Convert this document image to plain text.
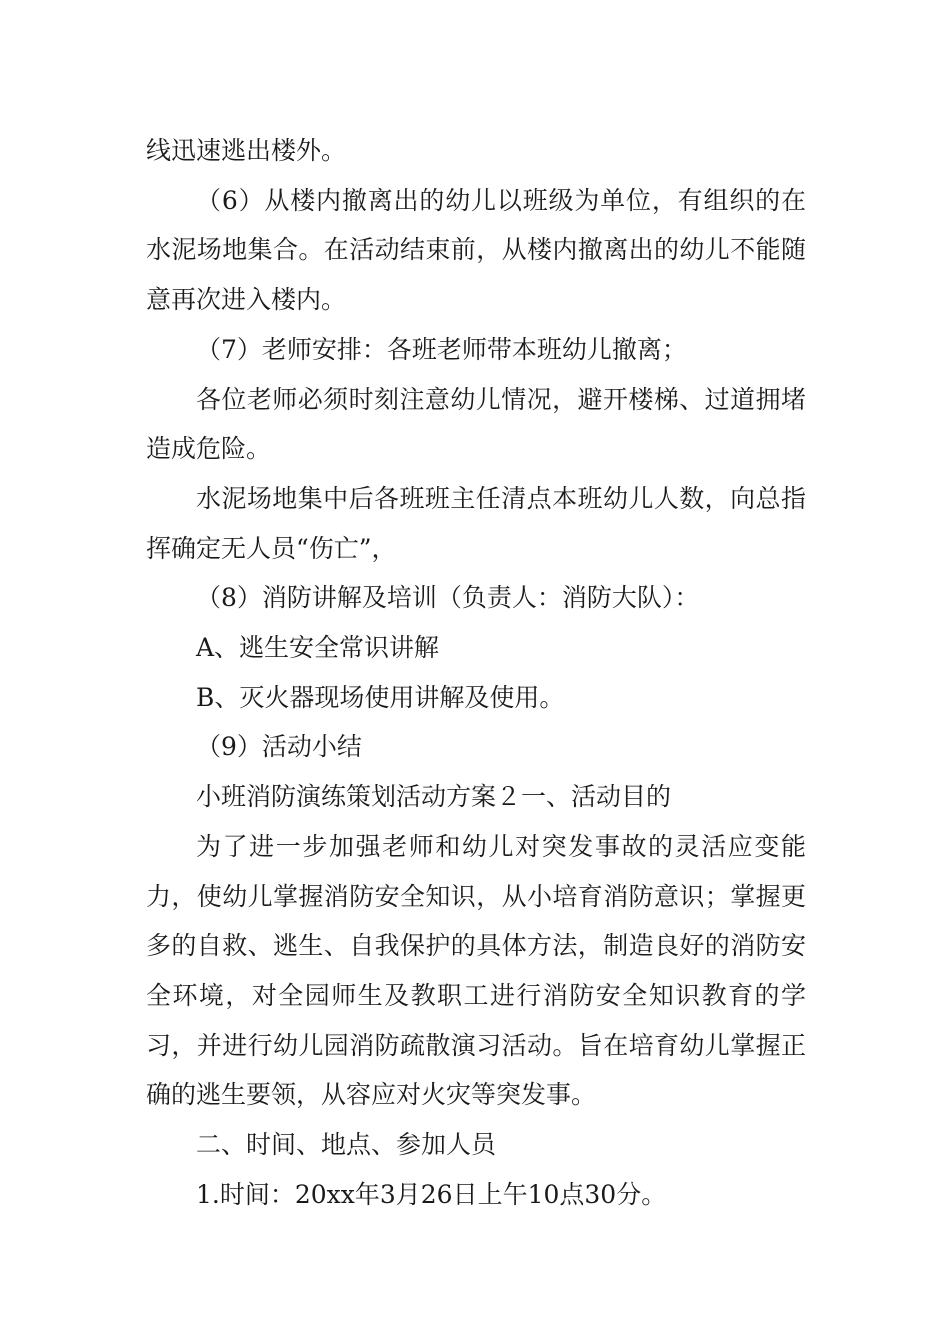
线迅速逃出楼外。

（6）从楼内撤离出的幼儿以班级为单位，有组织的在水泥场地集合。在活动结束前，从楼内撤离出的幼儿不能随意再次进入楼内。

（7）老师安排：各班老师带本班幼儿撤离；

各位老师必须时刻注意幼儿情况，避开楼梯、过道拥堵造成危险。

水泥场地集中后各班班主任清点本班幼儿人数，向总指挥确定无人员“伤亡”，

（8）消防讲解及培训（负责人：消防大队）：

A、逃生安全常识讲解

B、灭火器现场使用讲解及使用。

（9）活动小结

小班消防演练策划活动方案２一、活动目的

为了进一步加强老师和幼儿对突发事故的灵活应变能力，使幼儿掌握消防安全知识，从小培育消防意识；掌握更多的自救、逃生、自我保护的具体方法，制造良好的消防安全环境，对全园师生及教职工进行消防安全知识教育的学习，并进行幼儿园消防疏散演习活动。旨在培育幼儿掌握正确的逃生要领，从容应对火灾等突发事。

二、时间、地点、参加人员

1.时间：20xx年3月26日上午10点30分。
